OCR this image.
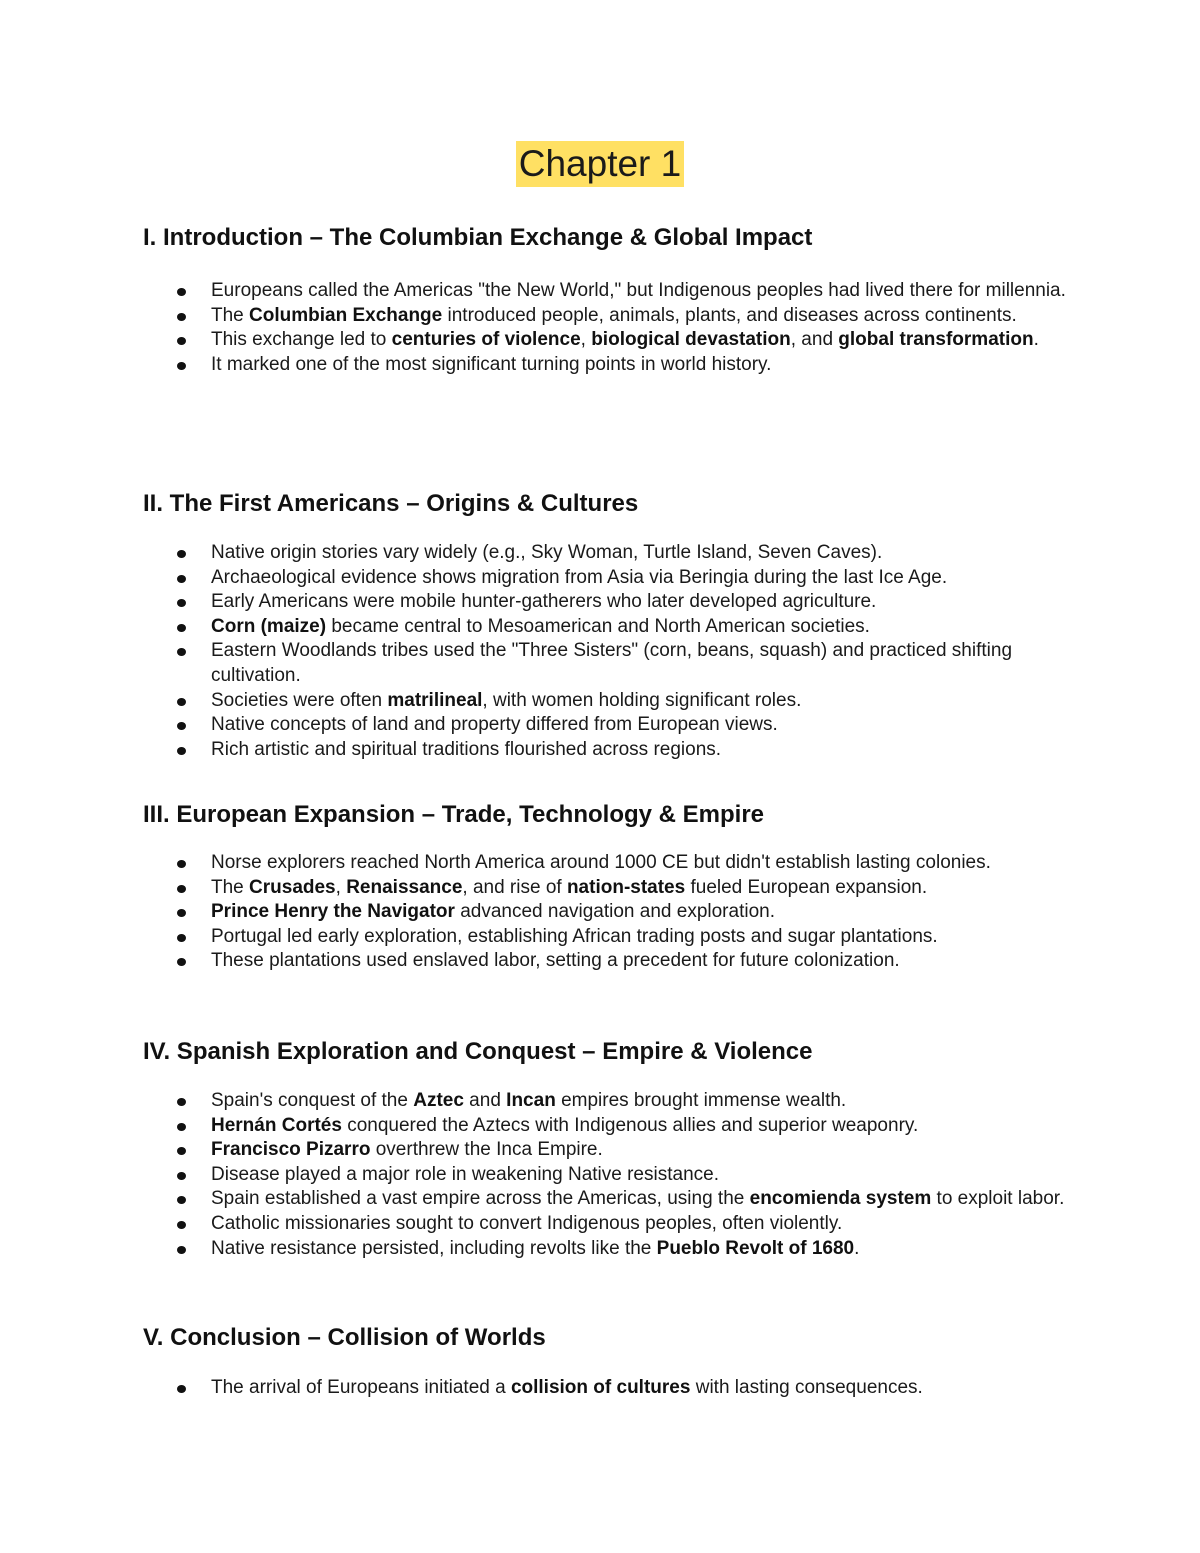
Chapter 1
I. Introduction – The Columbian Exchange & Global Impact
Europeans called the Americas "the New World," but Indigenous peoples had lived there for millennia.
The Columbian Exchange introduced people, animals, plants, and diseases across continents.
This exchange led to centuries of violence, biological devastation, and global transformation.
It marked one of the most significant turning points in world history.
II. The First Americans – Origins & Cultures
Native origin stories vary widely (e.g., Sky Woman, Turtle Island, Seven Caves).
Archaeological evidence shows migration from Asia via Beringia during the last Ice Age.
Early Americans were mobile hunter-gatherers who later developed agriculture.
Corn (maize) became central to Mesoamerican and North American societies.
Eastern Woodlands tribes used the "Three Sisters" (corn, beans, squash) and practiced shifting cultivation.
Societies were often matrilineal, with women holding significant roles.
Native concepts of land and property differed from European views.
Rich artistic and spiritual traditions flourished across regions.
III. European Expansion – Trade, Technology & Empire
Norse explorers reached North America around 1000 CE but didn't establish lasting colonies.
The Crusades, Renaissance, and rise of nation-states fueled European expansion.
Prince Henry the Navigator advanced navigation and exploration.
Portugal led early exploration, establishing African trading posts and sugar plantations.
These plantations used enslaved labor, setting a precedent for future colonization.
IV. Spanish Exploration and Conquest – Empire & Violence
Spain's conquest of the Aztec and Incan empires brought immense wealth.
Hernán Cortés conquered the Aztecs with Indigenous allies and superior weaponry.
Francisco Pizarro overthrew the Inca Empire.
Disease played a major role in weakening Native resistance.
Spain established a vast empire across the Americas, using the encomienda system to exploit labor.
Catholic missionaries sought to convert Indigenous peoples, often violently.
Native resistance persisted, including revolts like the Pueblo Revolt of 1680.
V. Conclusion – Collision of Worlds
The arrival of Europeans initiated a collision of cultures with lasting consequences.
